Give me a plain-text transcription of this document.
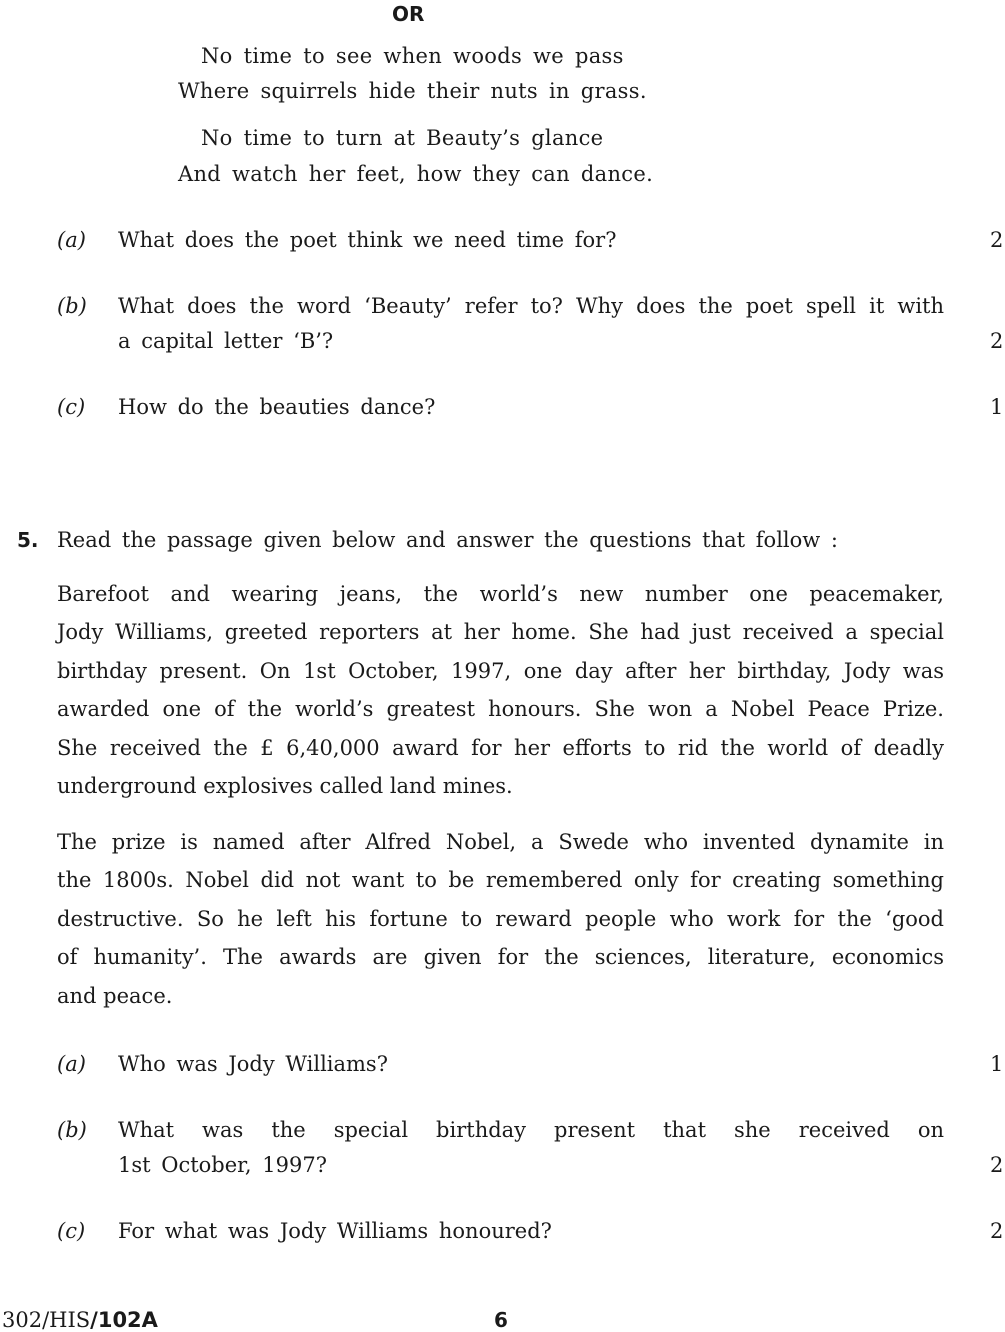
OR
No time to see when woods we pass
Where squirrels hide their nuts in grass.
No time to turn at Beauty’s glance
And watch her feet, how they can dance.
(a) What does the poet think we need time for?	2
(b) What does the word ‘Beauty’ refer to? Why does the poet spell it with
a capital letter ‘B’?	2
(c) How do the beauties dance?	1
5. Read the passage given below and answer the questions that follow :
Barefoot and wearing jeans, the world’s new number one peacemaker,
Jody Williams, greeted reporters at her home. She had just received a special
birthday present. On 1st October, 1997, one day after her birthday, Jody was
awarded one of the world’s greatest honours. She won a Nobel Peace Prize.
She received the £ 6,40,000 award for her efforts to rid the world of deadly
underground explosives called land mines.
The prize is named after Alfred Nobel, a Swede who invented dynamite in
the 1800s. Nobel did not want to be remembered only for creating something
destructive. So he left his fortune to reward people who work for the ‘good
of humanity’. The awards are given for the sciences, literature, economics
and peace.
(a) Who was Jody Williams?	1
(b) What was the special birthday present that she received on
1st October, 1997?	2
(c) For what was Jody Williams honoured?	2
302/HIS/102A	6
